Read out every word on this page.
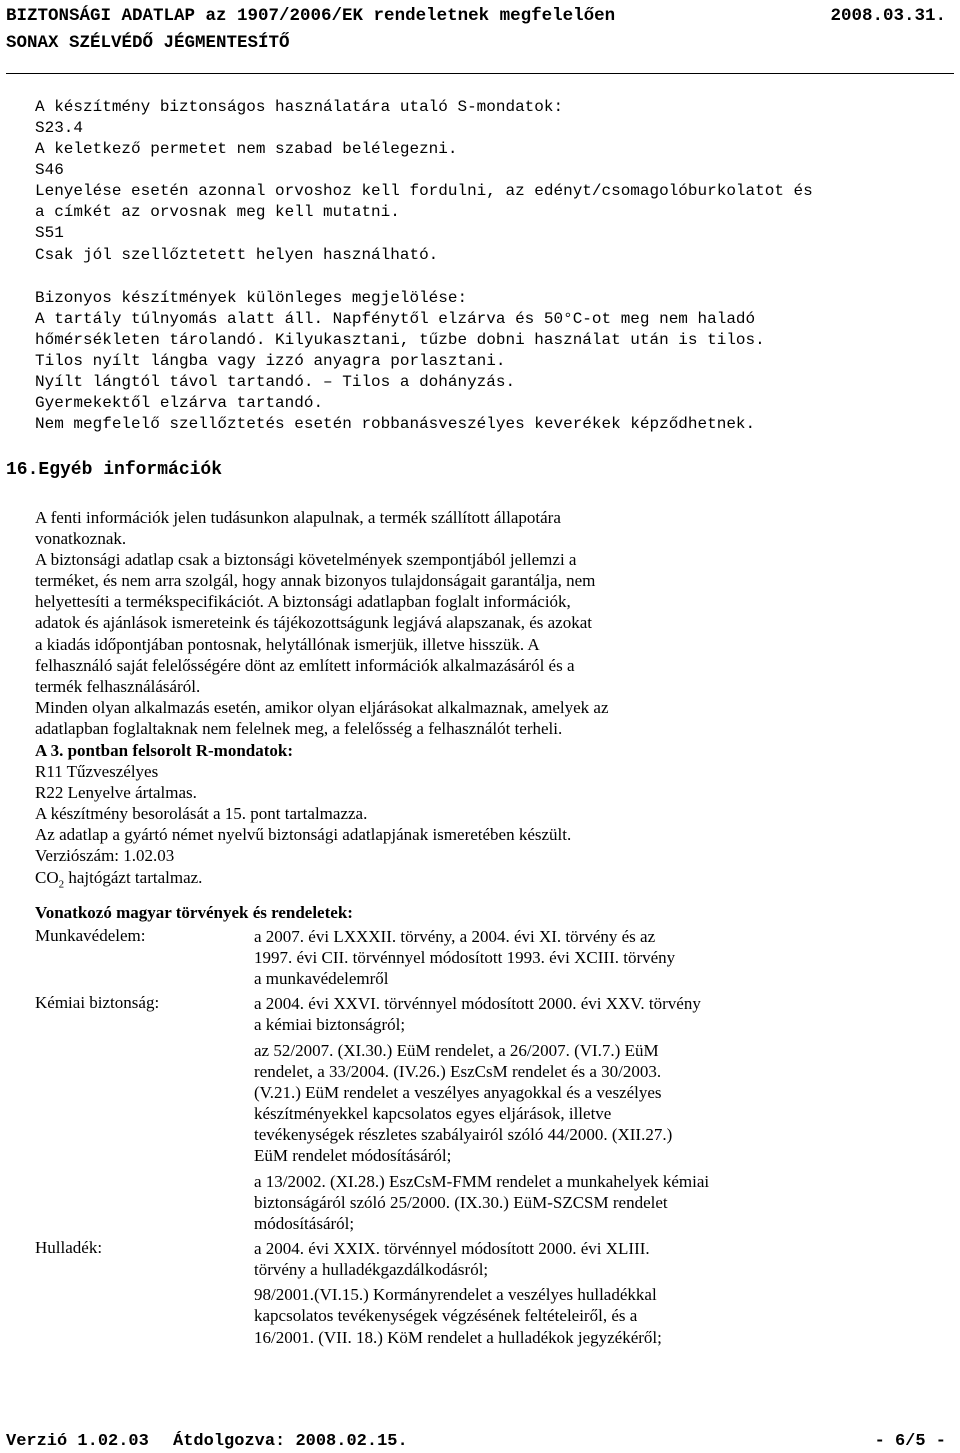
BIZTONSÁGI ADATLAP az 1907/2006/EK rendeletnek megfelelően	2008.03.31.
SONAX SZÉLVÉDŐ JÉGMENTESÍTŐ
A készítmény biztonságos használatára utaló S-mondatok:
S23.4
A keletkező permetet nem szabad belélegezni.
S46
Lenyelése esetén azonnal orvoshoz kell fordulni, az edényt/csomagolóburkolatot és
a címkét az orvosnak meg kell mutatni.
S51
Csak jól szellőztetett helyen használható.
Bizonyos készítmények különleges megjelölése:
A tartály túlnyomás alatt áll. Napfénytől elzárva és 50°C-ot meg nem haladó
hőmérsékleten tárolandó. Kilyukasztani, tűzbe dobni használat után is tilos.
Tilos nyílt lángba vagy izzó anyagra porlasztani.
Nyílt lángtól távol tartandó. – Tilos a dohányzás.
Gyermekektől elzárva tartandó.
Nem megfelelő szellőztetés esetén robbanásveszélyes keverékek képződhetnek.
16.Egyéb információk
A fenti információk jelen tudásunkon alapulnak, a termék szállított állapotára
vonatkoznak.
A biztonsági adatlap csak a biztonsági követelmények szempontjából jellemzi a
terméket, és nem arra szolgál, hogy annak bizonyos tulajdonságait garantálja, nem
helyettesíti a termékspecifikációt. A biztonsági adatlapban foglalt információk,
adatok és ajánlások ismereteink és tájékozottságunk legjává alapszanak, és azokat
a kiadás időpontjában pontosnak, helytállónak ismerjük, illetve hisszük. A
felhasználó saját felelősségére dönt az említett információk alkalmazásáról és a
termék felhasználásáról.
Minden olyan alkalmazás esetén, amikor olyan eljárásokat alkalmaznak, amelyek az
adatlapban foglaltaknak nem felelnek meg, a felelősség a felhasználót terheli.
A 3. pontban felsorolt R-mondatok:
R11 Tűzveszélyes
R22 Lenyelve ártalmas.
A készítmény besorolását a 15. pont tartalmazza.
Az adatlap a gyártó német nyelvű biztonsági adatlapjának ismeretében készült.
Verziószám: 1.02.03
$CO_2$ hajtógázt tartalmaz.
Vonatkozó magyar törvények és rendeletek:
Munkavédelem:	a 2007. évi LXXXII. törvény, a 2004. évi XI. törvény és az
1997. évi CII. törvénnyel módosított 1993. évi XCIII. törvény
a munkavédelemről
Kémiai biztonság:	a 2004. évi XXVI. törvénnyel módosított 2000. évi XXV. törvény
a kémiai biztonságról;
az 52/2007. (XI.30.) EüM rendelet, a 26/2007. (VI.7.) EüM
rendelet, a 33/2004. (IV.26.) EszCsM rendelet és a 30/2003.
(V.21.) EüM rendelet a veszélyes anyagokkal és a veszélyes
készítményekkel kapcsolatos egyes eljárások, illetve
tevékenységek részletes szabályairól szóló 44/2000. (XII.27.)
EüM rendelet módosításáról;
a 13/2002. (XI.28.) EszCsM-FMM rendelet a munkahelyek kémiai
biztonságáról szóló 25/2000. (IX.30.) EüM-SZCSM rendelet
módosításáról;
Hulladék:	a 2004. évi XXIX. törvénnyel módosított 2000. évi XLIII.
törvény a hulladékgazdálkodásról;
98/2001.(VI.15.) Kormányrendelet a veszélyes hulladékkal
kapcsolatos tevékenységek végzésének feltételeiről, és a
16/2001. (VII. 18.) KöM rendelet a hulladékok jegyzékéről;
Verzió 1.02.03 Átdolgozva: 2008.02.15.	- 6/5 -
